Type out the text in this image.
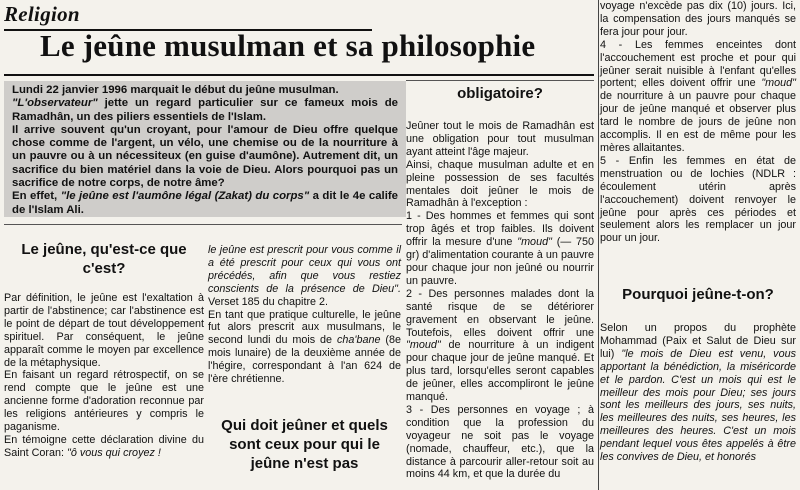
Religion
Le jeûne musulman et sa philosophie

Lundi 22 janvier 1996 marquait le début du jeûne musulman.

"L'observateur" jette un regard particulier sur ce fameux mois de Ramadhân, un des piliers essentiels de l'Islam.

Il arrive souvent qu'un croyant, pour l'amour de Dieu offre quelque chose comme de l'argent, un vélo, une chemise ou de la nourriture à un pauvre ou à un nécessiteux (en guise d'aumône). Autrement dit, un sacrifice du bien matériel dans la voie de Dieu. Alors pourquoi pas un sacrifice de notre corps, de notre âme?

En effet, "le jeûne est l'aumône légal (Zakat) du corps" a dit le 4e calife de l'Islam Ali.

Le jeûne, qu'est-ce que c'est?

Par définition, le jeûne est l'exaltation à partir de l'abstinence; car l'abstinence est le point de départ de tout développement spirituel. Par conséquent, le jeûne apparaît comme le moyen par excellence de la métaphysique.

En faisant un regard rétrospectif, on se rend compte que le jeûne est une ancienne forme d'adoration reconnue par les religions antérieures y compris le paganisme.

En témoigne cette déclaration divine du Saint Coran: "ô vous qui croyez !

le jeûne est prescrit pour vous comme il a été prescrit pour ceux qui vous ont précédés, afin que vous restiez conscients de la présence de Dieu". Verset 185 du chapitre 2.

En tant que pratique culturelle, le jeûne fut alors prescrit aux musulmans, le second lundi du mois de cha'bane (8e mois lunaire) de la deuxième année de l'hégire, correspondant à l'an 624 de l'ère chrétienne.

Qui doit jeûner et quels sont ceux pour qui le jeûne n'est pas
obligatoire?

Jeûner tout le mois de Ramadhân est une obligation pour tout musulman ayant atteint l'âge majeur.

Ainsi, chaque musulman adulte et en pleine possession de ses facultés mentales doit jeûner le mois de Ramadhân à l'exception :

1 - Des hommes et femmes qui sont trop âgés et trop faibles. Ils doivent offrir la mesure d'une "moud" (— 750 gr) d'alimentation courante à un pauvre pour chaque jour non jeûné ou nourrir un pauvre.

2 - Des personnes malades dont la santé risque de se détériorer gravement en observant le jeûne. Toutefois, elles doivent offrir une "moud" de nourriture à un indigent pour chaque jour de jeûne manqué. Et plus tard, lorsqu'elles seront capables de jeûner, elles accompliront le jeûne manqué.

3 - Des personnes en voyage ; à condition que la profession du voyageur ne soit pas le voyage (nomade, chauffeur, etc.), que la distance à parcourir aller-retour soit au moins 44 km, et que la durée du

voyage n'excède pas dix (10) jours. Ici, la compensation des jours manqués se fera jour pour jour.

4 - Les femmes enceintes dont l'accouchement est proche et pour qui jeûner serait nuisible à l'enfant qu'elles portent; elles doivent offrir une "moud" de nourriture à un pauvre pour chaque jour de jeûne manqué et observer plus tard le nombre de jours de jeûne non accomplis. Il en est de même pour les mères allaitantes.

5 - Enfin les femmes en état de menstruation ou de lochies (NDLR : écoulement utérin après l'accouchement) doivent renvoyer le jeûne pour après ces périodes et seulement alors les remplacer un jour pour un jour.

Pourquoi jeûne-t-on?

Selon un propos du prophète Mohammad (Paix et Salut de Dieu sur lui) "le mois de Dieu est venu, vous apportant la bénédiction, la miséricorde et le pardon. C'est un mois qui est le meilleur des mois pour Dieu; ses jours sont les meilleurs des jours, ses nuits, les meilleures des nuits, ses heures, les meilleures des heures. C'est un mois pendant lequel vous êtes appelés à être les convives de Dieu, et honorés
